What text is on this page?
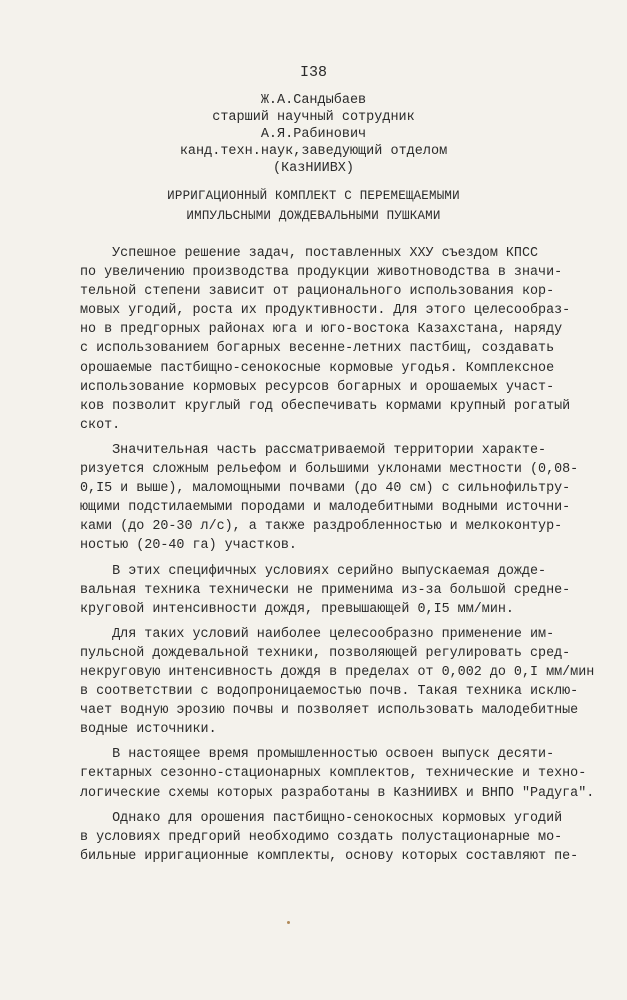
I38
Ж.А.Сандыбаев
старший научный сотрудник
А.Я.Рабинович
канд.техн.наук,заведующий отделом
(КазНИИВХ)
ИРРИГАЦИОННЫЙ КОМПЛЕКТ С ПЕРЕМЕЩАЕМЫМИ
ИМПУЛЬСНЫМИ ДОЖДЕВАЛЬНЫМИ ПУШКАМИ
Успешное решение задач, поставленных XXУ съездом КПСС
по увеличению производства продукции животноводства в значи-
тельной степени зависит от рационального использования кор-
мовых угодий, роста их продуктивности. Для этого целесообраз-
но в предгорных районах юга и юго-востока Казахстана, наряду
с использованием богарных весенне-летних пастбищ, создавать
орошаемые пастбищно-сенокосные кормовые угодья. Комплексное
использование кормовых ресурсов богарных и орошаемых участ-
ков позволит круглый год обеспечивать кормами крупный рогатый
скот.
Значительная часть рассматриваемой территории характе-
ризуется сложным рельефом и большими уклонами местности (0,08-
0,I5 и выше), маломощными почвами (до 40 см) с сильнофильтру-
ющими подстилаемыми породами и малодебитными водными источни-
ками (до 20-30 л/с), а также раздробленностью и мелкоконтур-
ностью (20-40 га) участков.
В этих специфичных условиях серийно выпускаемая дожде-
вальная техника технически не применима из-за большой средне-
круговой интенсивности дождя, превышающей 0,I5 мм/мин.
Для таких условий наиболее целесообразно применение им-
пульсной дождевальной техники, позволяющей регулировать сред-
некруговую интенсивность дождя в пределах от 0,002 до 0,I мм/мин
в соответствии с водопроницаемостью почв. Такая техника исклю-
чает водную эрозию почвы и позволяет использовать малодебитные
водные источники.
В настоящее время промышленностью освоен выпуск десяти-
гектарных сезонно-стационарных комплектов, технические и техно-
логические схемы которых разработаны в КазНИИВХ и ВНПО "Радуга".
Однако для орошения пастбищно-сенокосных кормовых угодий
в условиях предгорий необходимо создать полустационарные мо-
бильные ирригационные комплекты, основу которых составляют пе-
